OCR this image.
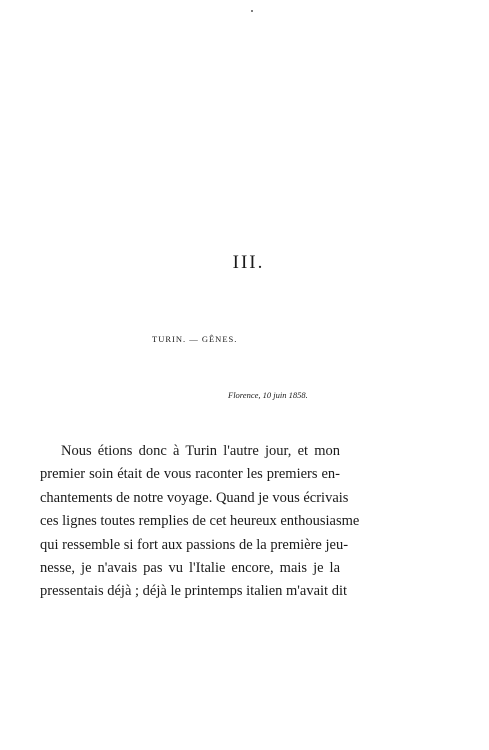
III.
TURIN. — GÊNES.
Florence, 10 juin 1858.
Nous étions donc à Turin l'autre jour, et mon
premier soin était de vous raconter les premiers en-
chantements de notre voyage. Quand je vous écrivais
ces lignes toutes remplies de cet heureux enthousiasme
qui ressemble si fort aux passions de la première jeu-
nesse, je n'avais pas vu l'Italie encore, mais je la
pressentais déjà ; déjà le printemps italien m'avait dit
